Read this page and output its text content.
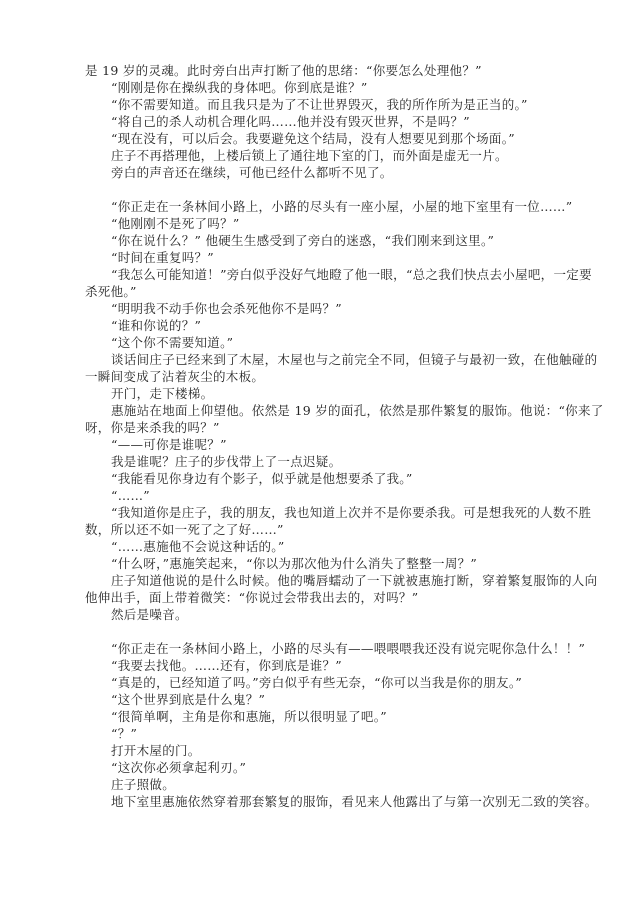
是 19 岁的灵魂。此时旁白出声打断了他的思绪：“你要怎么处理他？”
“刚刚是你在操纵我的身体吧。你到底是谁？”
“你不需要知道。而且我只是为了不让世界毁灭，我的所作所为是正当的。”
“将自己的杀人动机合理化吗……他并没有毁灭世界，不是吗？”
“现在没有，可以后会。我要避免这个结局，没有人想要见到那个场面。”
庄子不再搭理他，上楼后锁上了通往地下室的门，而外面是虚无一片。
旁白的声音还在继续，可他已经什么都听不见了。

“你正走在一条林间小路上，小路的尽头有一座小屋，小屋的地下室里有一位……”
“他刚刚不是死了吗？”
“你在说什么？” 他硬生生感受到了旁白的迷惑，“我们刚来到这里。”
“时间在重复吗？”
“我怎么可能知道！”旁白似乎没好气地瞪了他一眼，“总之我们快点去小屋吧，一定要
杀死他。”
“明明我不动手你也会杀死他你不是吗？”
“谁和你说的？”
“这个你不需要知道。”
谈话间庄子已经来到了木屋，木屋也与之前完全不同，但镜子与最初一致，在他触碰的
一瞬间变成了沾着灰尘的木板。
开门，走下楼梯。
惠施站在地面上仰望他。依然是 19 岁的面孔，依然是那件繁复的服饰。他说：“你来了
呀，你是来杀我的吗？”
“——可你是谁呢？”
我是谁呢？庄子的步伐带上了一点迟疑。
“我能看见你身边有个影子，似乎就是他想要杀了我。”
“……”
“我知道你是庄子，我的朋友，我也知道上次并不是你要杀我。可是想我死的人数不胜
数，所以还不如一死了之了好……”
“……惠施他不会说这种话的。”
“什么呀，”惠施笑起来，“你以为那次他为什么消失了整整一周？”
庄子知道他说的是什么时候。他的嘴唇蠕动了一下就被惠施打断，穿着繁复服饰的人向
他伸出手，面上带着微笑：“你说过会带我出去的，对吗？”
然后是噪音。

“你正走在一条林间小路上，小路的尽头有——喂喂喂我还没有说完呢你急什么！！”
“我要去找他。……还有，你到底是谁？”
“真是的，已经知道了吗。”旁白似乎有些无奈，“你可以当我是你的朋友。”
“这个世界到底是什么鬼？”
“很简单啊，主角是你和惠施，所以很明显了吧。”
“？”
打开木屋的门。
“这次你必须拿起利刃。”
庄子照做。
地下室里惠施依然穿着那套繁复的服饰，看见来人他露出了与第一次别无二致的笑容。
